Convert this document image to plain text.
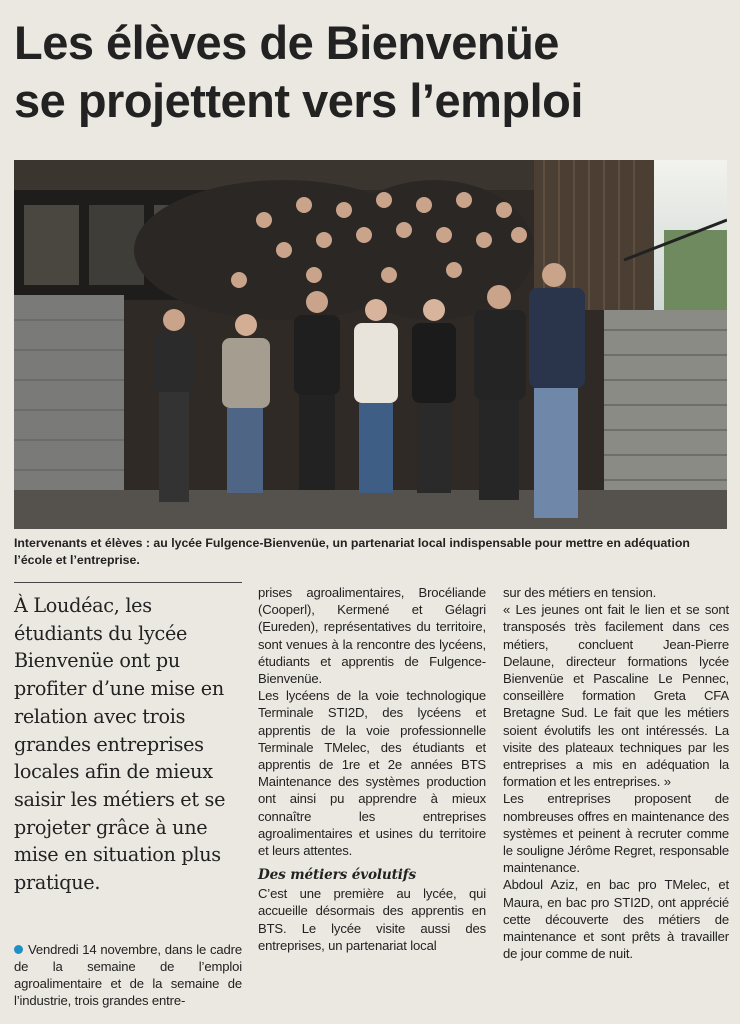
Les élèves de Bienvenüe
se projettent vers l’emploi
Intervenants et élèves : au lycée Fulgence-Bienvenüe, un partenariat local indispensable pour mettre en adéquation l’école et l’entreprise.
À Loudéac, les
étudiants du lycée
Bienvenüe ont pu
profiter d’une mise en
relation avec trois
grandes entreprises
locales afin de mieux
saisir les métiers et se
projeter grâce à une
mise en situation plus
pratique.

Vendredi 14 novembre, dans le cadre de la semaine de l’emploi agroalimentaire et de la semaine de l’industrie, trois grandes entre-

prises agroalimentaires, Brocéliande (Cooperl), Kermené et Gélagri (Eureden), représentatives du territoire, sont venues à la rencontre des lycéens, étudiants et apprentis de Fulgence-Bienvenüe.

Les lycéens de la voie technologique Terminale STI2D, des lycéens et apprentis de la voie professionnelle Terminale TMelec, des étudiants et apprentis de 1re et 2e années BTS Maintenance des systèmes production ont ainsi pu apprendre à mieux connaître les entreprises agroalimentaires et usines du territoire et leurs attentes.

Des métiers évolutifs

C’est une première au lycée, qui accueille désormais des apprentis en BTS. Le lycée visite aussi des entreprises, un partenariat local

sur des métiers en tension.

« Les jeunes ont fait le lien et se sont transposés très facilement dans ces métiers, concluent Jean-Pierre Delaune, directeur formations lycée Bienvenüe et Pascaline Le Pennec, conseillère formation Greta CFA Bretagne Sud. Le fait que les métiers soient évolutifs les ont intéressés. La visite des plateaux techniques par les entreprises a mis en adéquation la formation et les entreprises. »

Les entreprises proposent de nombreuses offres en maintenance des systèmes et peinent à recruter comme le souligne Jérôme Regret, responsable maintenance.

Abdoul Aziz, en bac pro TMelec, et Maura, en bac pro STI2D, ont apprécié cette découverte des métiers de maintenance et sont prêts à travailler de jour comme de nuit.
